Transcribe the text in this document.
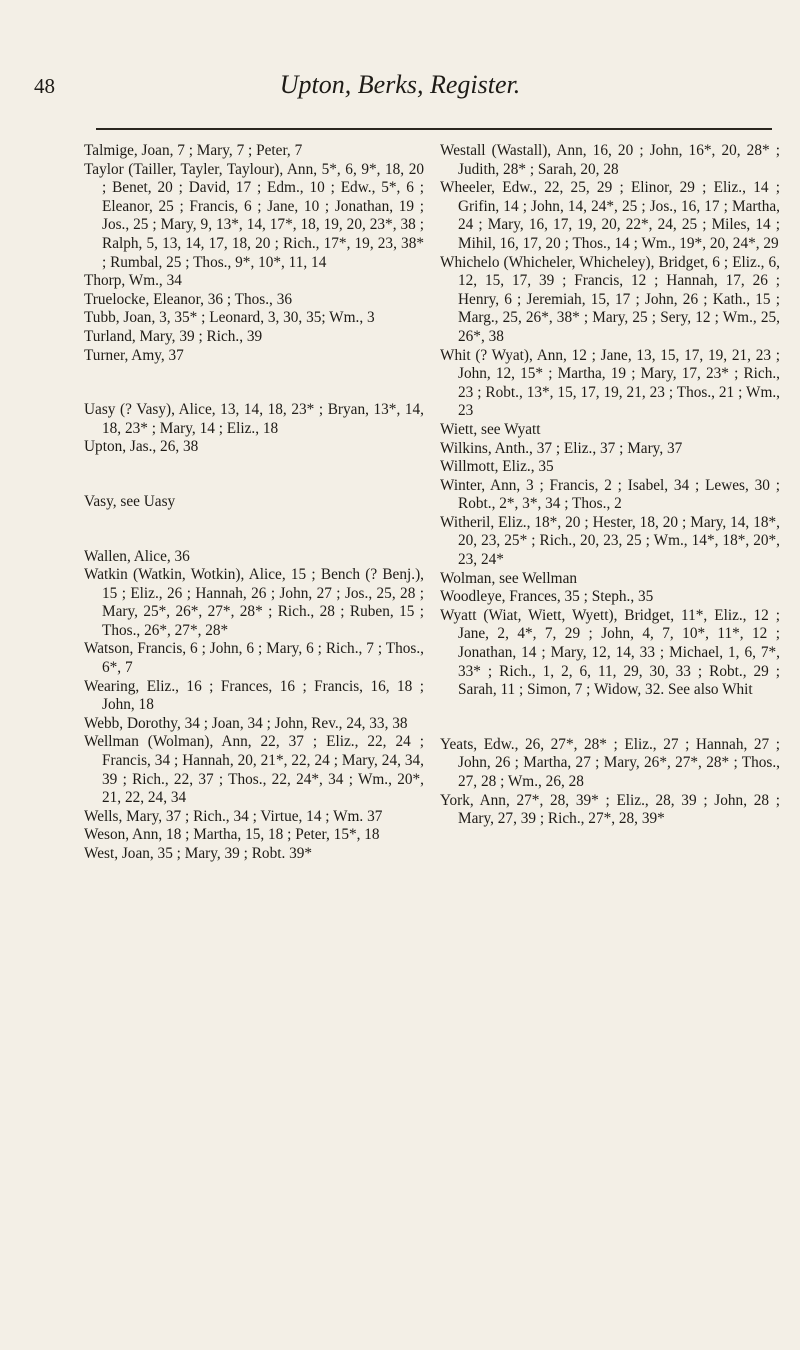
48	Upton, Berks, Register.

Talmige, Joan, 7 ; Mary, 7 ; Peter, 7

Taylor (Tailler, Tayler, Taylour), Ann, 5*, 6, 9*, 18, 20 ; Benet, 20 ; David, 17 ; Edm., 10 ; Edw., 5*, 6 ; Eleanor, 25 ; Francis, 6 ; Jane, 10 ; Jonathan, 19 ; Jos., 25 ; Mary, 9, 13*, 14, 17*, 18, 19, 20, 23*, 38 ; Ralph, 5, 13, 14, 17, 18, 20 ; Rich., 17*, 19, 23, 38* ; Rumbal, 25 ; Thos., 9*, 10*, 11, 14

Thorp, Wm., 34

Truelocke, Eleanor, 36 ; Thos., 36

Tubb, Joan, 3, 35* ; Leonard, 3, 30, 35; Wm., 3

Turland, Mary, 39 ; Rich., 39

Turner, Amy, 37

Uasy (? Vasy), Alice, 13, 14, 18, 23* ; Bryan, 13*, 14, 18, 23* ; Mary, 14 ; Eliz., 18

Upton, Jas., 26, 38

Vasy, see Uasy

Wallen, Alice, 36

Watkin (Watkin, Wotkin), Alice, 15 ; Bench (? Benj.), 15 ; Eliz., 26 ; Hannah, 26 ; John, 27 ; Jos., 25, 28 ; Mary, 25*, 26*, 27*, 28* ; Rich., 28 ; Ruben, 15 ; Thos., 26*, 27*, 28*

Watson, Francis, 6 ; John, 6 ; Mary, 6 ; Rich., 7 ; Thos., 6*, 7

Wearing, Eliz., 16 ; Frances, 16 ; Francis, 16, 18 ; John, 18

Webb, Dorothy, 34 ; Joan, 34 ; John, Rev., 24, 33, 38

Wellman (Wolman), Ann, 22, 37 ; Eliz., 22, 24 ; Francis, 34 ; Hannah, 20, 21*, 22, 24 ; Mary, 24, 34, 39 ; Rich., 22, 37 ; Thos., 22, 24*, 34 ; Wm., 20*, 21, 22, 24, 34

Wells, Mary, 37 ; Rich., 34 ; Virtue, 14 ; Wm. 37

Weson, Ann, 18 ; Martha, 15, 18 ; Peter, 15*, 18

West, Joan, 35 ; Mary, 39 ; Robt. 39*

Westall (Wastall), Ann, 16, 20 ; John, 16*, 20, 28* ; Judith, 28* ; Sarah, 20, 28

Wheeler, Edw., 22, 25, 29 ; Elinor, 29 ; Eliz., 14 ; Grifin, 14 ; John, 14, 24*, 25 ; Jos., 16, 17 ; Martha, 24 ; Mary, 16, 17, 19, 20, 22*, 24, 25 ; Miles, 14 ; Mihil, 16, 17, 20 ; Thos., 14 ; Wm., 19*, 20, 24*, 29

Whichelo (Whicheler, Whicheley), Bridget, 6 ; Eliz., 6, 12, 15, 17, 39 ; Francis, 12 ; Hannah, 17, 26 ; Henry, 6 ; Jeremiah, 15, 17 ; John, 26 ; Kath., 15 ; Marg., 25, 26*, 38* ; Mary, 25 ; Sery, 12 ; Wm., 25, 26*, 38

Whit (? Wyat), Ann, 12 ; Jane, 13, 15, 17, 19, 21, 23 ; John, 12, 15* ; Martha, 19 ; Mary, 17, 23* ; Rich., 23 ; Robt., 13*, 15, 17, 19, 21, 23 ; Thos., 21 ; Wm., 23

Wiett, see Wyatt

Wilkins, Anth., 37 ; Eliz., 37 ; Mary, 37

Willmott, Eliz., 35

Winter, Ann, 3 ; Francis, 2 ; Isabel, 34 ; Lewes, 30 ; Robt., 2*, 3*, 34 ; Thos., 2

Witheril, Eliz., 18*, 20 ; Hester, 18, 20 ; Mary, 14, 18*, 20, 23, 25* ; Rich., 20, 23, 25 ; Wm., 14*, 18*, 20*, 23, 24*

Wolman, see Wellman

Woodleye, Frances, 35 ; Steph., 35

Wyatt (Wiat, Wiett, Wyett), Bridget, 11*, Eliz., 12 ; Jane, 2, 4*, 7, 29 ; John, 4, 7, 10*, 11*, 12 ; Jonathan, 14 ; Mary, 12, 14, 33 ; Michael, 1, 6, 7*, 33* ; Rich., 1, 2, 6, 11, 29, 30, 33 ; Robt., 29 ; Sarah, 11 ; Simon, 7 ; Widow, 32. See also Whit

Yeats, Edw., 26, 27*, 28* ; Eliz., 27 ; Hannah, 27 ; John, 26 ; Martha, 27 ; Mary, 26*, 27*, 28* ; Thos., 27, 28 ; Wm., 26, 28

York, Ann, 27*, 28, 39* ; Eliz., 28, 39 ; John, 28 ; Mary, 27, 39 ; Rich., 27*, 28, 39*
